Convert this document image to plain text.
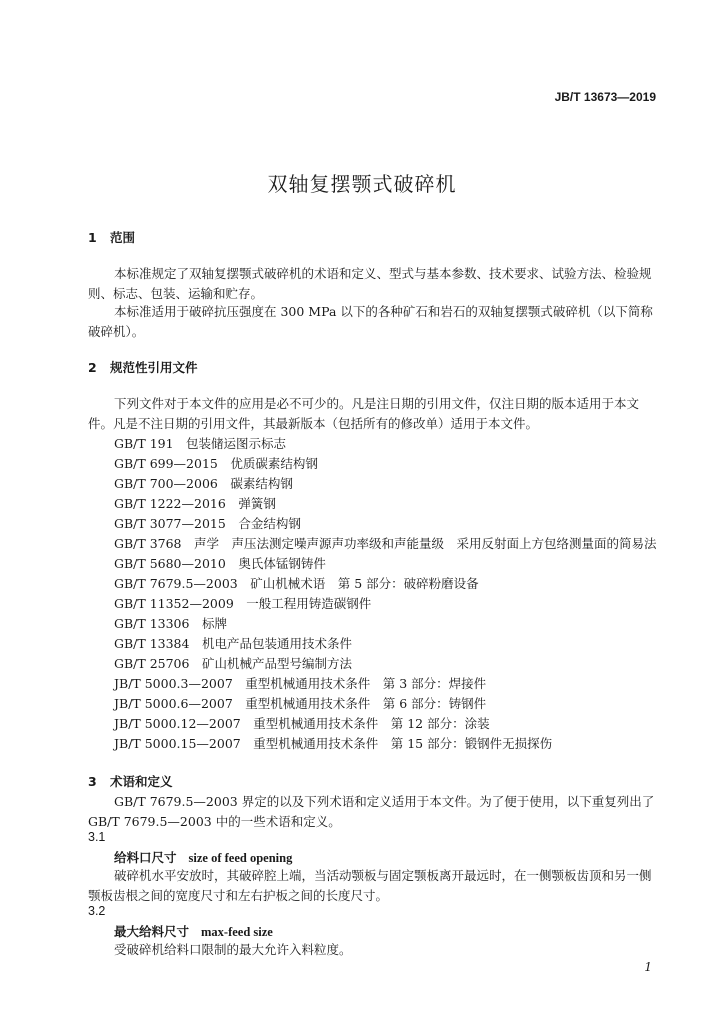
JB/T 13673—2019
双轴复摆颚式破碎机
1 范围
本标准规定了双轴复摆颚式破碎机的术语和定义、型式与基本参数、技术要求、试验方法、检验规则、标志、包装、运输和贮存。
本标准适用于破碎抗压强度在 300 MPa 以下的各种矿石和岩石的双轴复摆颚式破碎机（以下简称破碎机）。
2 规范性引用文件
下列文件对于本文件的应用是必不可少的。凡是注日期的引用文件，仅注日期的版本适用于本文件。凡是不注日期的引用文件，其最新版本（包括所有的修改单）适用于本文件。
GB/T 191　包装储运图示标志
GB/T 699—2015　优质碳素结构钢
GB/T 700—2006　碳素结构钢
GB/T 1222—2016　弹簧钢
GB/T 3077—2015　合金结构钢
GB/T 3768　声学　声压法测定噪声源声功率级和声能量级　采用反射面上方包络测量面的简易法
GB/T 5680—2010　奥氏体锰钢铸件
GB/T 7679.5—2003　矿山机械术语　第 5 部分：破碎粉磨设备
GB/T 11352—2009　一般工程用铸造碳钢件
GB/T 13306　标牌
GB/T 13384　机电产品包装通用技术条件
GB/T 25706　矿山机械产品型号编制方法
JB/T 5000.3—2007　重型机械通用技术条件　第 3 部分：焊接件
JB/T 5000.6—2007　重型机械通用技术条件　第 6 部分：铸钢件
JB/T 5000.12—2007　重型机械通用技术条件　第 12 部分：涂装
JB/T 5000.15—2007　重型机械通用技术条件　第 15 部分：锻钢件无损探伤
3 术语和定义
GB/T 7679.5—2003 界定的以及下列术语和定义适用于本文件。为了便于使用，以下重复列出了GB/T 7679.5—2003 中的一些术语和定义。
3.1
给料口尺寸 size of feed opening
破碎机水平安放时，其破碎腔上端，当活动颚板与固定颚板离开最远时，在一侧颚板齿顶和另一侧颚板齿根之间的宽度尺寸和左右护板之间的长度尺寸。
3.2
最大给料尺寸 max-feed size
受破碎机给料口限制的最大允许入料粒度。
1
